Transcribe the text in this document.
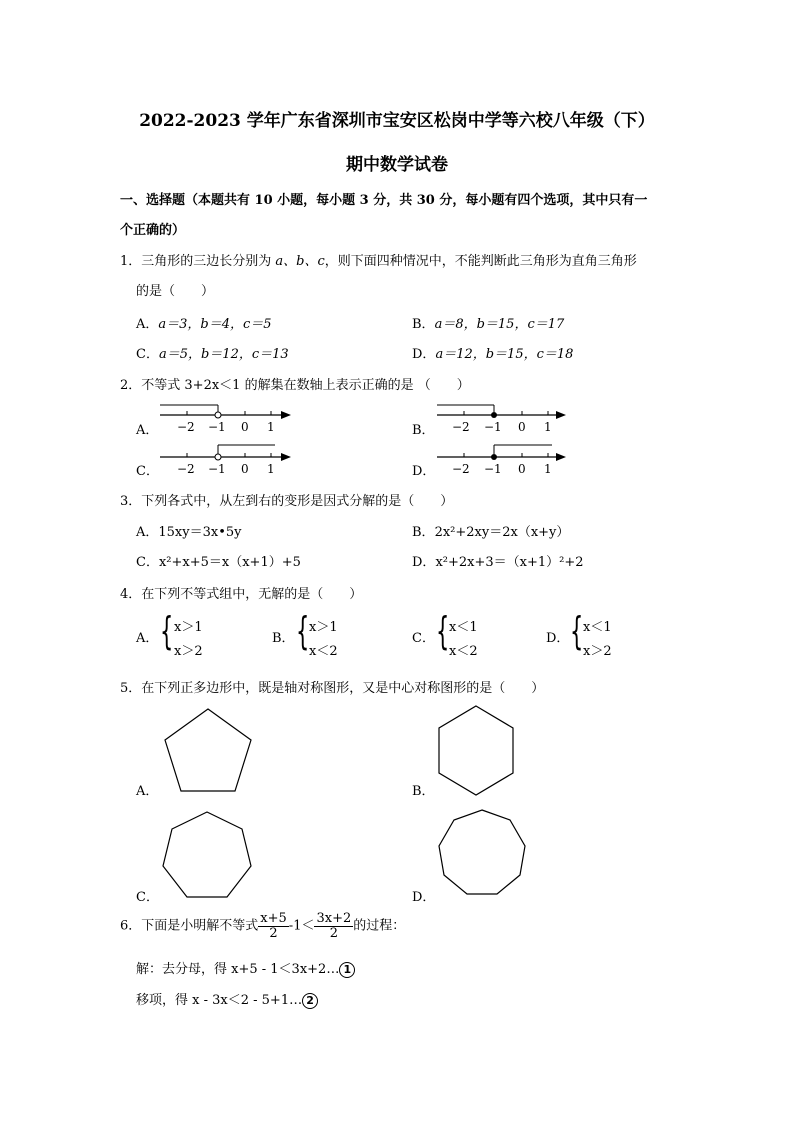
2022-2023 学年广东省深圳市宝安区松岗中学等六校八年级（下）
期中数学试卷
一、选择题（本题共有 10 小题，每小题 3 分，共 30 分，每小题有四个选项，其中只有一
个正确的）
1．三角形的三边长分别为 a、b、c，则下面四种情况中，不能判断此三角形为直角三角形
的是（　　）
A．a＝3，b＝4，c＝5	B．a＝8，b＝15，c＝17
C．a＝5，b＝12，c＝13	D．a＝12，b＝15，c＝18
2．不等式 3+2x＜1 的解集在数轴上表示正确的是 （　　）
A．	B．
C．	D．
−2 −1 0 1	−2 −1 0 1
−2 −1 0 1	−2 −1 0 1
3．下列各式中，从左到右的变形是因式分解的是（　　）
A．15xy＝3x•5y	B．2x²+2xy＝2x（x+y）
C．x²+x+5＝x（x+1）+5	D．x²+2x+3＝（x+1）²+2
4．在下列不等式组中，无解的是（　　）
A． { x＞1
x＞2
B． { x＞1
x＜2
C． { x＜1
x＜2
D． { x＜1
x＞2
5．在下列正多边形中，既是轴对称图形，又是中心对称图形的是（　　）
A．	B．
C．	D．
6．下面是小明解不等式 $\frac{x+5}{2} -1< \frac{3x+2}{2}$ 的过程：
解：去分母，得 x+5 - 1＜3x+2… 1
移项，得 x - 3x＜2 - 5+1… 2
